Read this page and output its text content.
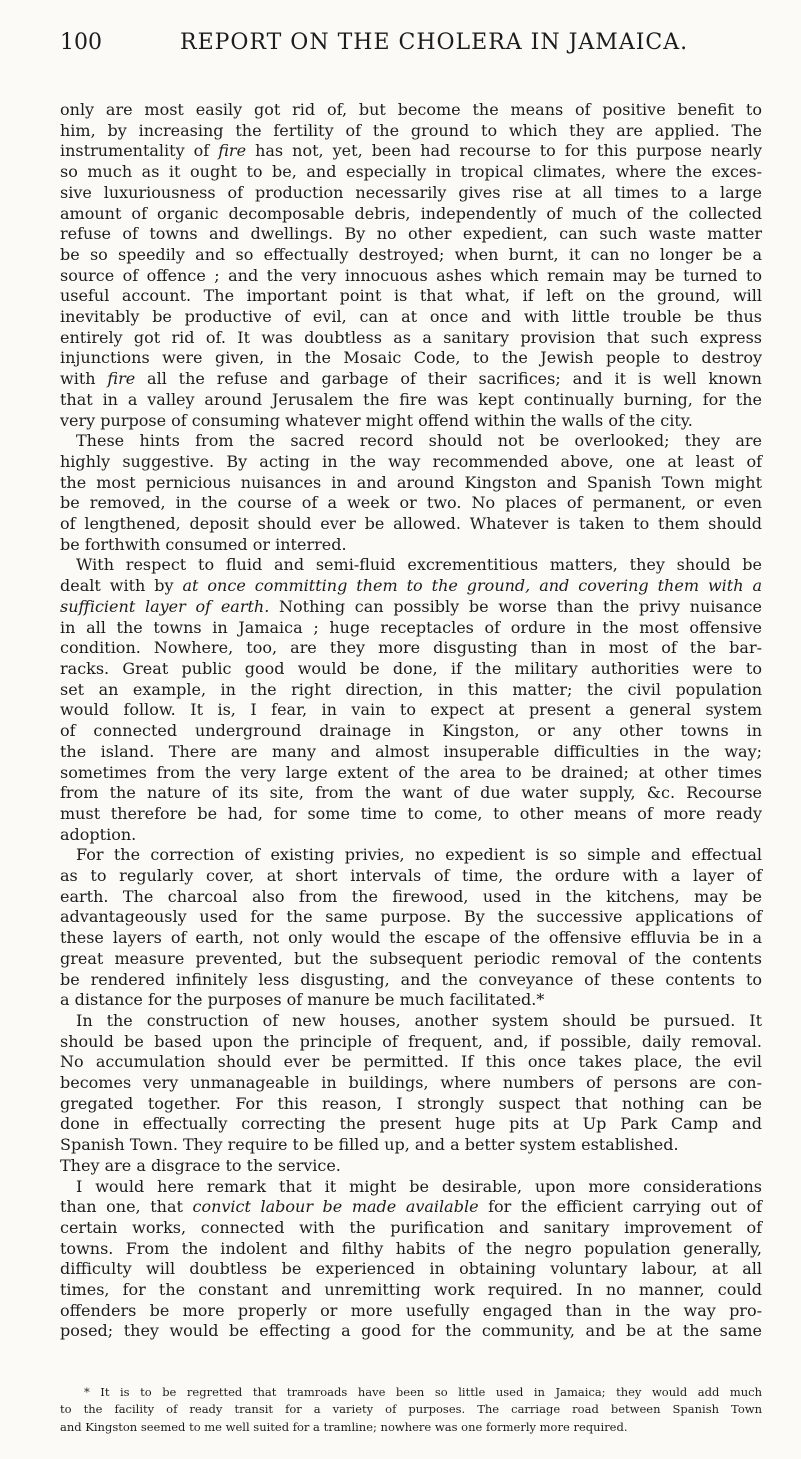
100	REPORT ON THE CHOLERA IN JAMAICA.
only are most easily got rid of, but become the means of positive benefit to
him, by increasing the fertility of the ground to which they are applied. The
instrumentality of fire has not, yet, been had recourse to for this purpose nearly
so much as it ought to be, and especially in tropical climates, where the exces-
sive luxuriousness of production necessarily gives rise at all times to a large
amount of organic decomposable debris, independently of much of the collected
refuse of towns and dwellings. By no other expedient, can such waste matter
be so speedily and so effectually destroyed; when burnt, it can no longer be a
source of offence ; and the very innocuous ashes which remain may be turned to
useful account. The important point is that what, if left on the ground, will
inevitably be productive of evil, can at once and with little trouble be thus
entirely got rid of. It was doubtless as a sanitary provision that such express
injunctions were given, in the Mosaic Code, to the Jewish people to destroy
with fire all the refuse and garbage of their sacrifices; and it is well known
that in a valley around Jerusalem the fire was kept continually burning, for the
very purpose of consuming whatever might offend within the walls of the city.
These hints from the sacred record should not be overlooked; they are
highly suggestive. By acting in the way recommended above, one at least of
the most pernicious nuisances in and around Kingston and Spanish Town might
be removed, in the course of a week or two. No places of permanent, or even
of lengthened, deposit should ever be allowed. Whatever is taken to them should
be forthwith consumed or interred.
With respect to fluid and semi-fluid excrementitious matters, they should be
dealt with by at once committing them to the ground, and covering them with a
sufficient layer of earth. Nothing can possibly be worse than the privy nuisance
in all the towns in Jamaica ; huge receptacles of ordure in the most offensive
condition. Nowhere, too, are they more disgusting than in most of the bar-
racks. Great public good would be done, if the military authorities were to
set an example, in the right direction, in this matter; the civil population
would follow. It is, I fear, in vain to expect at present a general system
of connected underground drainage in Kingston, or any other towns in
the island. There are many and almost insuperable difficulties in the way;
sometimes from the very large extent of the area to be drained; at other times
from the nature of its site, from the want of due water supply, &c. Recourse
must therefore be had, for some time to come, to other means of more ready
adoption.
For the correction of existing privies, no expedient is so simple and effectual
as to regularly cover, at short intervals of time, the ordure with a layer of
earth. The charcoal also from the firewood, used in the kitchens, may be
advantageously used for the same purpose. By the successive applications of
these layers of earth, not only would the escape of the offensive effluvia be in a
great measure prevented, but the subsequent periodic removal of the contents
be rendered infinitely less disgusting, and the conveyance of these contents to
a distance for the purposes of manure be much facilitated.*
In the construction of new houses, another system should be pursued. It
should be based upon the principle of frequent, and, if possible, daily removal.
No accumulation should ever be permitted. If this once takes place, the evil
becomes very unmanageable in buildings, where numbers of persons are con-
gregated together. For this reason, I strongly suspect that nothing can be
done in effectually correcting the present huge pits at Up Park Camp and
Spanish Town. They require to be filled up, and a better system established.
They are a disgrace to the service.
I would here remark that it might be desirable, upon more considerations
than one, that convict labour be made available for the efficient carrying out of
certain works, connected with the purification and sanitary improvement of
towns. From the indolent and filthy habits of the negro population generally,
difficulty will doubtless be experienced in obtaining voluntary labour, at all
times, for the constant and unremitting work required. In no manner, could
offenders be more properly or more usefully engaged than in the way pro-
posed; they would be effecting a good for the community, and be at the same
* It is to be regretted that tramroads have been so little used in Jamaica; they would add much
to the facility of ready transit for a variety of purposes. The carriage road between Spanish Town
and Kingston seemed to me well suited for a tramline; nowhere was one formerly more required.
